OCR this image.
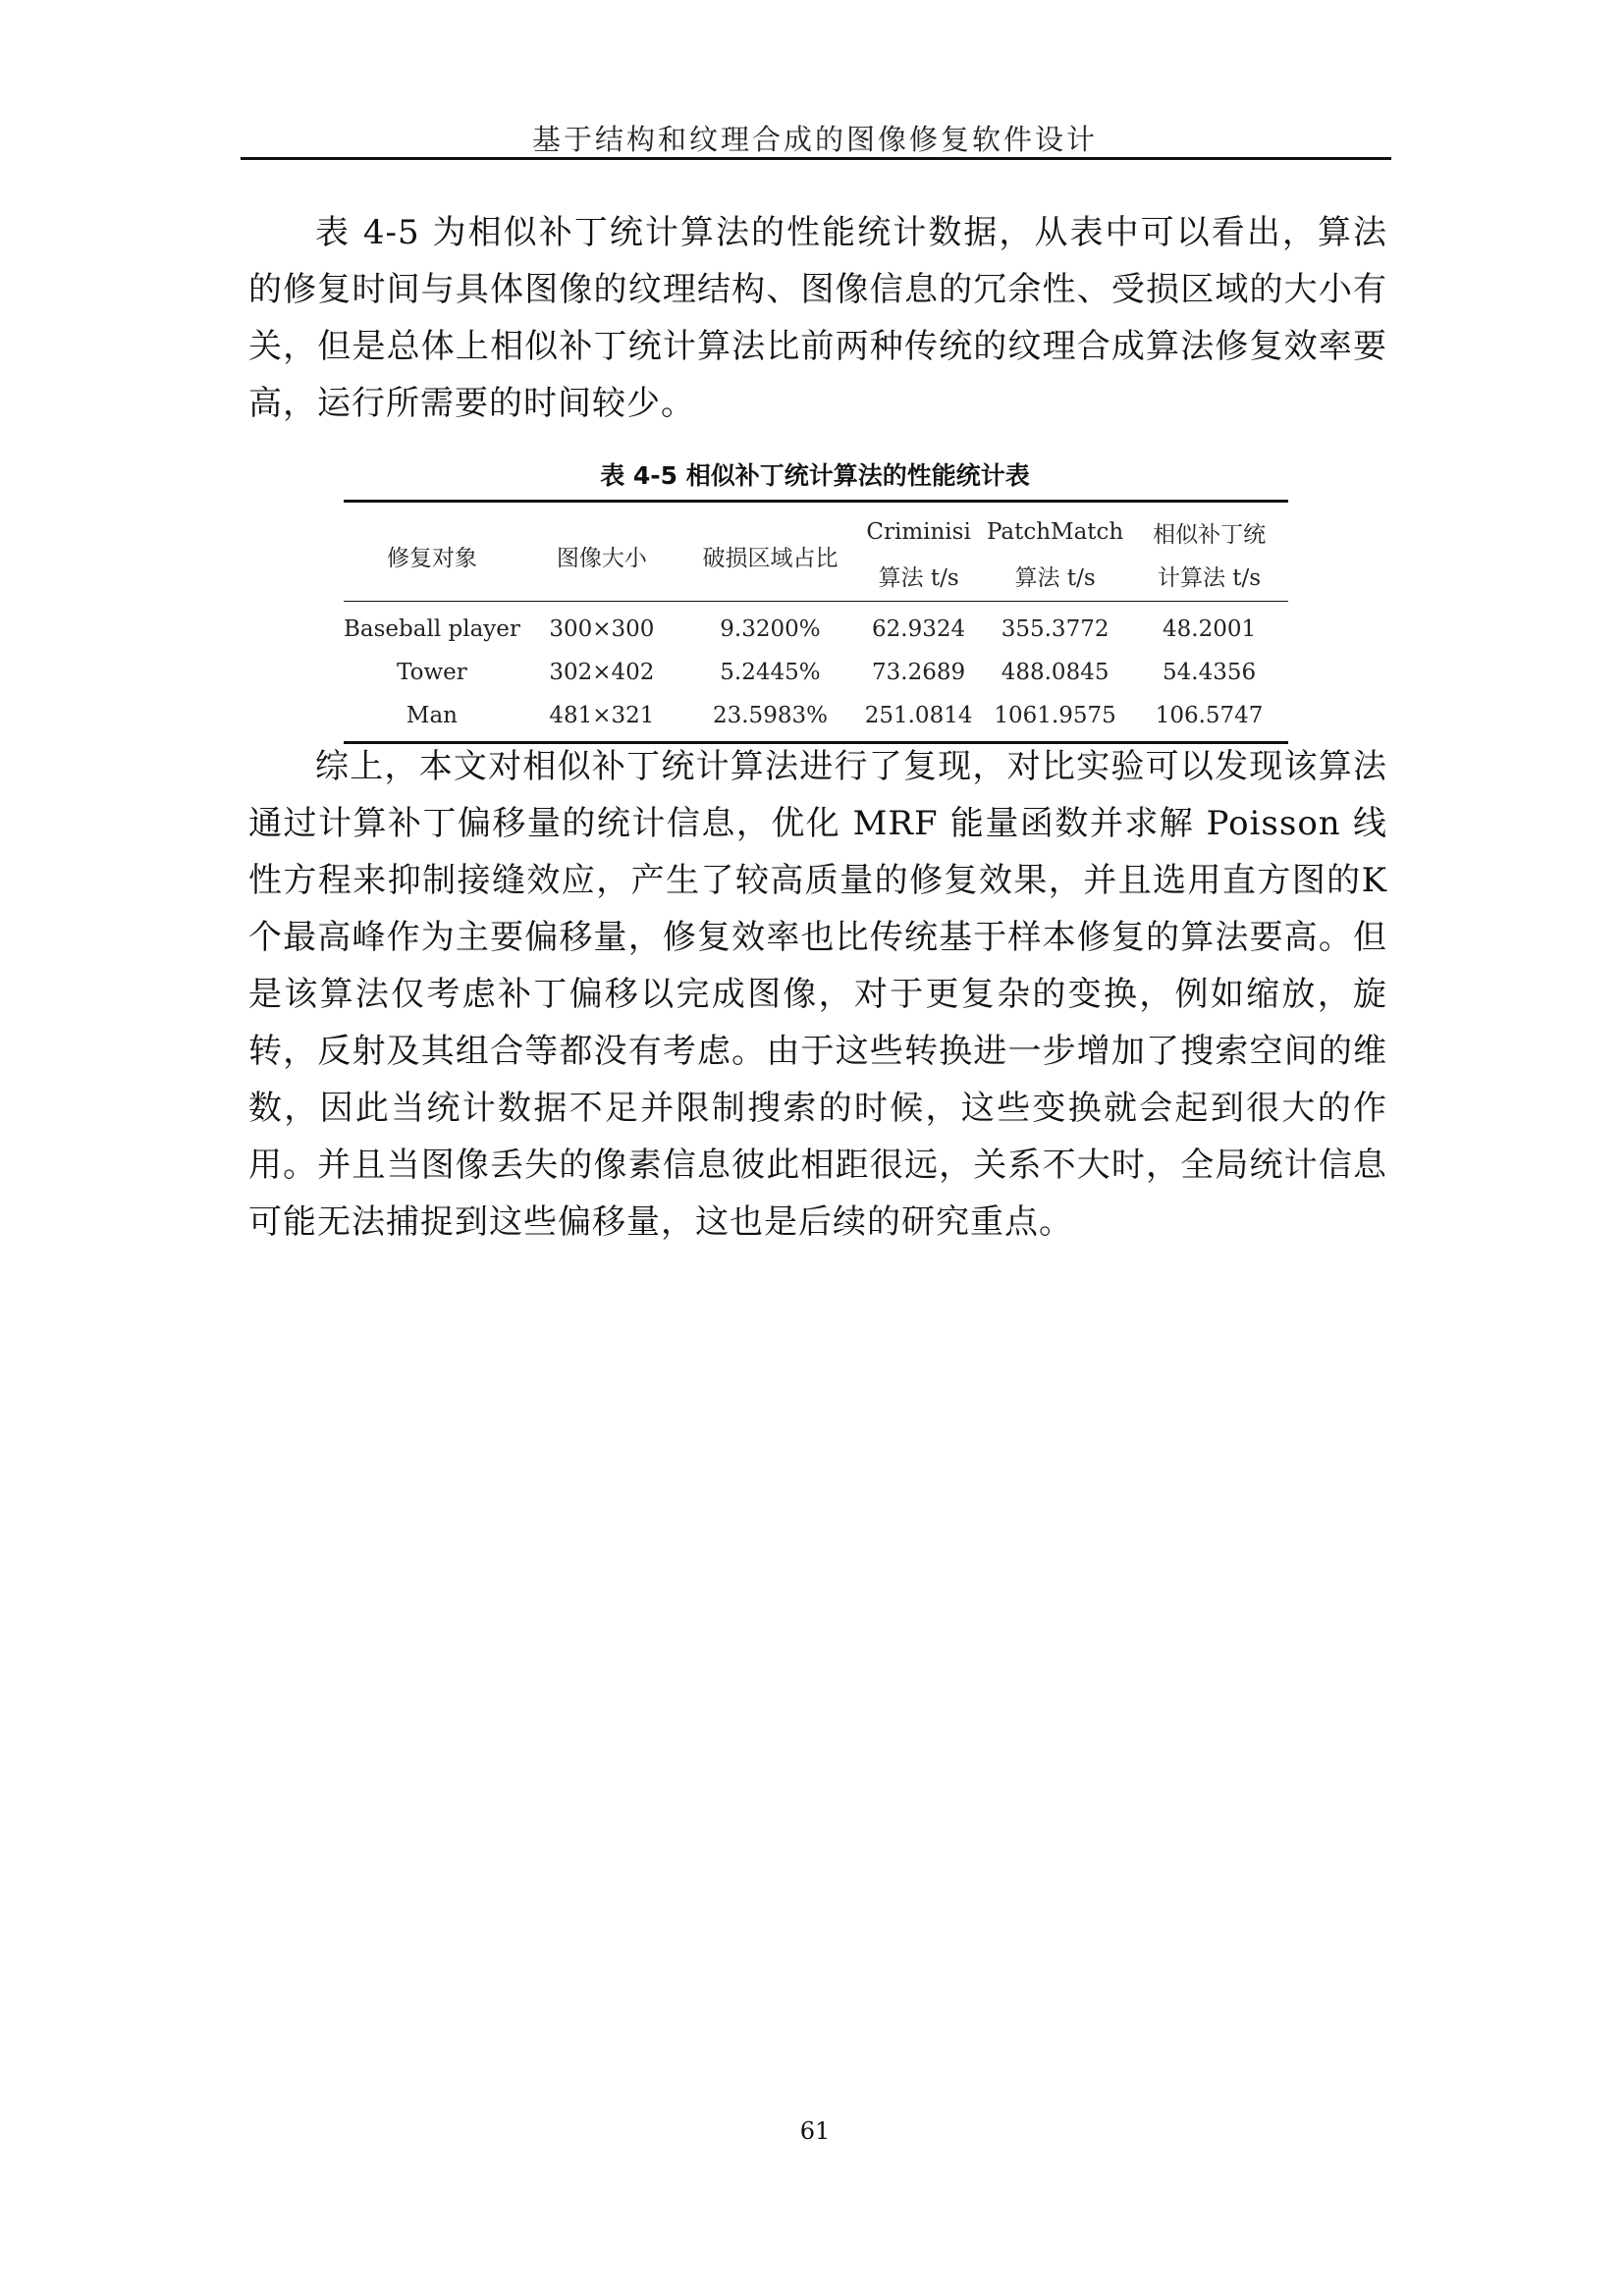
基于结构和纹理合成的图像修复软件设计

表 4-5 为相似补丁统计算法的性能统计数据，从表中可以看出，算法的修复时间与具体图像的纹理结构、图像信息的冗余性、受损区域的大小有关，但是总体上相似补丁统计算法比前两种传统的纹理合成算法修复效率要高，运行所需要的时间较少。

表 4-5 相似补丁统计算法的性能统计表
修复对象	图像大小	破损区域占比	Criminisi	PatchMatch	相似补丁统
			算法 t/s	算法 t/s	计算法 t/s
Baseball player	300×300	9.3200%	62.9324	355.3772	48.2001
Tower	302×402	5.2445%	73.2689	488.0845	54.4356
Man	481×321	23.5983%	251.0814	1061.9575	106.5747

综上，本文对相似补丁统计算法进行了复现，对比实验可以发现该算法通过计算补丁偏移量的统计信息，优化 MRF 能量函数并求解 Poisson 线性方程来抑制接缝效应，产生了较高质量的修复效果，并且选用直方图的K 个最高峰作为主要偏移量，修复效率也比传统基于样本修复的算法要高。但是该算法仅考虑补丁偏移以完成图像，对于更复杂的变换，例如缩放，旋转，反射及其组合等都没有考虑。由于这些转换进一步增加了搜索空间的维数，因此当统计数据不足并限制搜索的时候，这些变换就会起到很大的作用。并且当图像丢失的像素信息彼此相距很远，关系不大时，全局统计信息可能无法捕捉到这些偏移量，这也是后续的研究重点。

61
